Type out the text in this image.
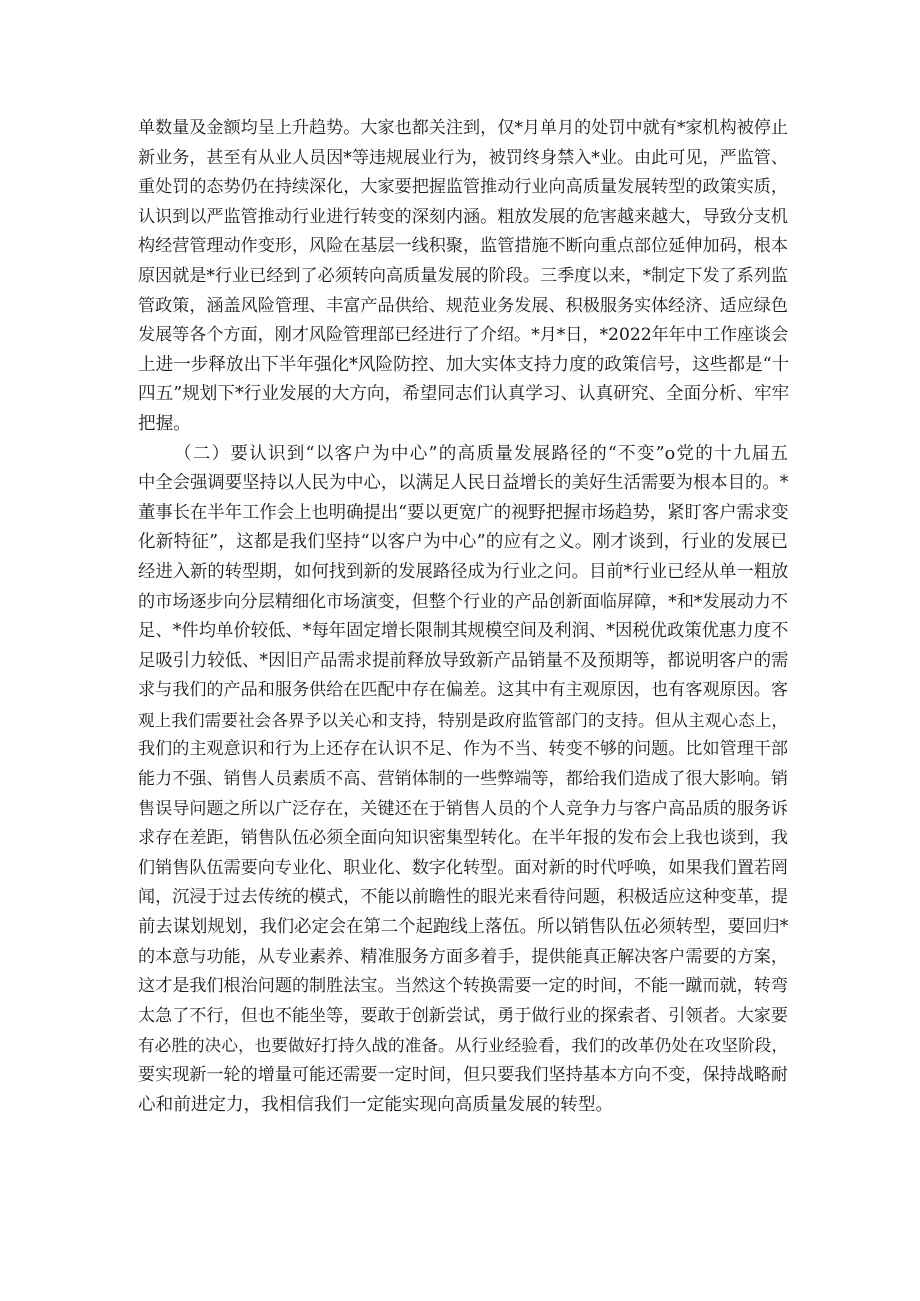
单数量及金额均呈上升趋势。大家也都关注到，仅*月单月的处罚中就有*家机构被停止
新业务，甚至有从业人员因*等违规展业行为，被罚终身禁入*业。由此可见，严监管、
重处罚的态势仍在持续深化，大家要把握监管推动行业向高质量发展转型的政策实质，
认识到以严监管推动行业进行转变的深刻内涵。粗放发展的危害越来越大，导致分支机
构经营管理动作变形，风险在基层一线积聚，监管措施不断向重点部位延伸加码，根本
原因就是*行业已经到了必须转向高质量发展的阶段。三季度以来，*制定下发了系列监
管政策，涵盖风险管理、丰富产品供给、规范业务发展、积极服务实体经济、适应绿色
发展等各个方面，刚才风险管理部已经进行了介绍。*月*日，*2022年年中工作座谈会
上进一步释放出下半年强化*风险防控、加大实体支持力度的政策信号，这些都是“十
四五”规划下*行业发展的大方向，希望同志们认真学习、认真研究、全面分析、牢牢
把握。
（二）要认识到“以客户为中心”的高质量发展路径的“不变”o党的十九届五
中全会强调要坚持以人民为中心，以满足人民日益增长的美好生活需要为根本目的。*
董事长在半年工作会上也明确提出“要以更宽广的视野把握市场趋势，紧盯客户需求变
化新特征”，这都是我们坚持“以客户为中心”的应有之义。刚才谈到，行业的发展已
经进入新的转型期，如何找到新的发展路径成为行业之问。目前*行业已经从单一粗放
的市场逐步向分层精细化市场演变，但整个行业的产品创新面临屏障，*和*发展动力不
足、*件均单价较低、*每年固定增长限制其规模空间及利润、*因税优政策优惠力度不
足吸引力较低、*因旧产品需求提前释放导致新产品销量不及预期等，都说明客户的需
求与我们的产品和服务供给在匹配中存在偏差。这其中有主观原因，也有客观原因。客
观上我们需要社会各界予以关心和支持，特别是政府监管部门的支持。但从主观心态上，
我们的主观意识和行为上还存在认识不足、作为不当、转变不够的问题。比如管理干部
能力不强、销售人员素质不高、营销体制的一些弊端等，都给我们造成了很大影响。销
售误导问题之所以广泛存在，关键还在于销售人员的个人竞争力与客户高品质的服务诉
求存在差距，销售队伍必须全面向知识密集型转化。在半年报的发布会上我也谈到，我
们销售队伍需要向专业化、职业化、数字化转型。面对新的时代呼唤，如果我们置若罔
闻，沉浸于过去传统的模式，不能以前瞻性的眼光来看待问题，积极适应这种变革，提
前去谋划规划，我们必定会在第二个起跑线上落伍。所以销售队伍必须转型，要回归*
的本意与功能，从专业素养、精准服务方面多着手，提供能真正解决客户需要的方案，
这才是我们根治问题的制胜法宝。当然这个转换需要一定的时间，不能一蹴而就，转弯
太急了不行，但也不能坐等，要敢于创新尝试，勇于做行业的探索者、引领者。大家要
有必胜的决心，也要做好打持久战的准备。从行业经验看，我们的改革仍处在攻坚阶段，
要实现新一轮的增量可能还需要一定时间，但只要我们坚持基本方向不变，保持战略耐
心和前进定力，我相信我们一定能实现向高质量发展的转型。
